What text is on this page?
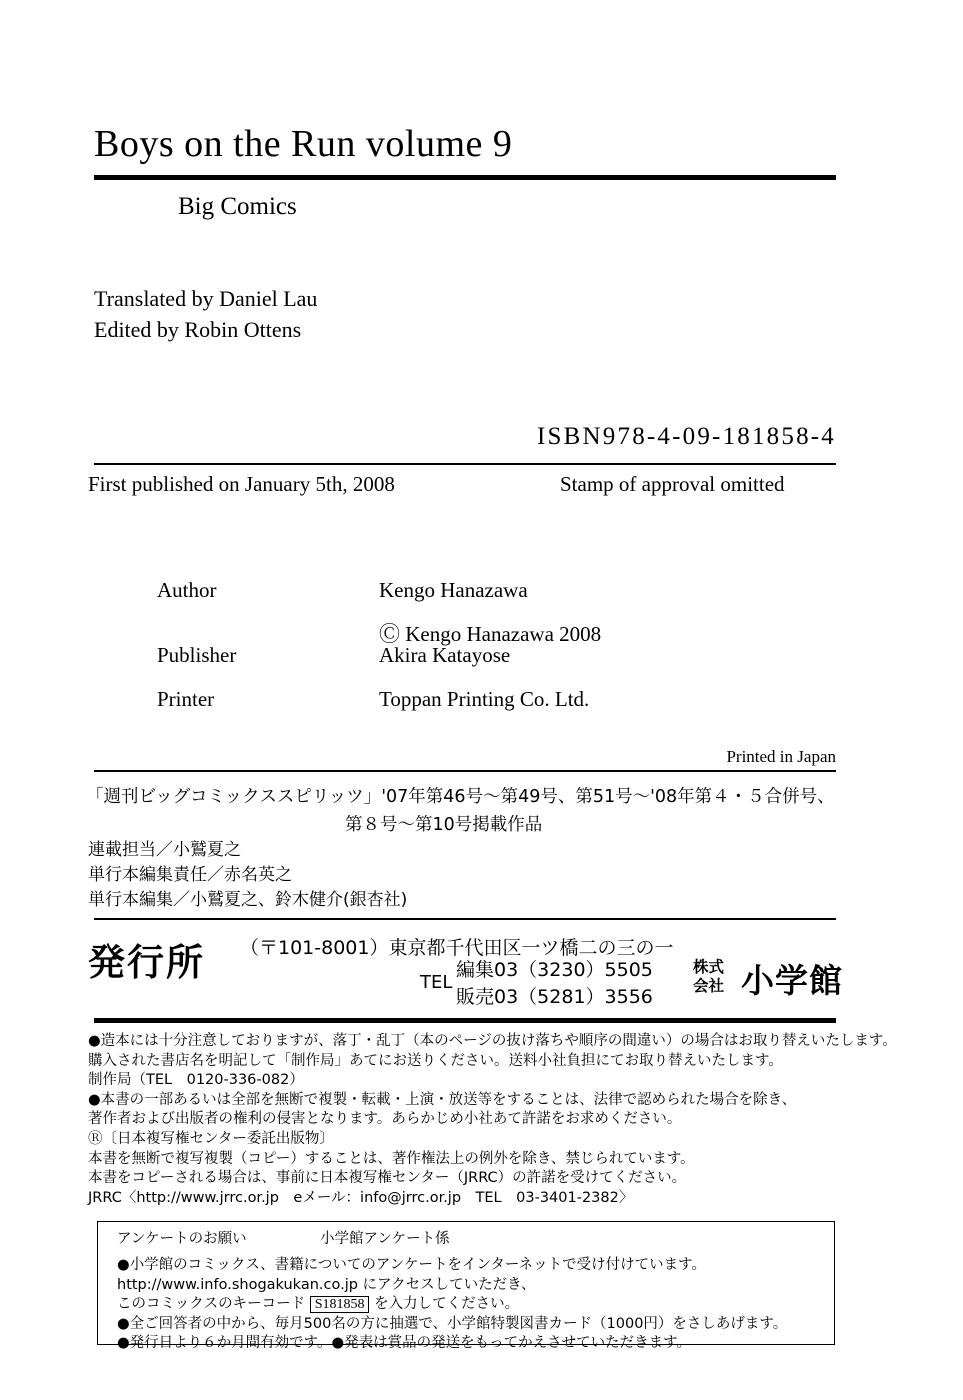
Boys on the Run volume 9
Big Comics
Translated by Daniel Lau
Edited by Robin Ottens
ISBN978-4-09-181858-4
First published on January 5th, 2008	Stamp of approval omitted
Author	Kengo Hanazawa
Publisher	Akira Katayose
Printer	Toppan Printing Co. Ltd.
Ⓒ Kengo Hanazawa 2008
Printed in Japan
「週刊ビッグコミックススピリッツ」'07年第46号～第49号、第51号～'08年第４・５合併号、
第８号～第10号掲載作品
連載担当／小鷲夏之
単行本編集責任／赤名英之
単行本編集／小鷲夏之、鈴木健介(銀杏社)
発行所 （〒101-8001）東京都千代田区一ツ橋二の三の一
TEL
編集03（3230）5505
販売03（5281）3556
株式
会社 小学館
●造本には十分注意しておりますが、落丁・乱丁（本のページの抜け落ちや順序の間違い）の場合はお取り替えいたします。
購入された書店名を明記して「制作局」あてにお送りください。送料小社負担にてお取り替えいたします。
制作局（TEL　0120-336-082）
●本書の一部あるいは全部を無断で複製・転載・上演・放送等をすることは、法律で認められた場合を除き、
著作者および出版者の権利の侵害となります。あらかじめ小社あて許諾をお求めください。
Ⓡ〔日本複写権センター委託出版物〕
本書を無断で複写複製（コピー）することは、著作権法上の例外を除き、禁じられています。
本書をコピーされる場合は、事前に日本複写権センター（JRRC）の許諾を受けてください。
JRRC〈http://www.jrrc.or.jp　eメール：info@jrrc.or.jp　TEL　03-3401-2382〉
アンケートのお願い	小学館アンケート係
●小学館のコミックス、書籍についてのアンケートをインターネットで受け付けています。
http://www.info.shogakukan.co.jp にアクセスしていただき、
このコミックスのキーコード S181858 を入力してください。
●全ご回答者の中から、毎月500名の方に抽選で、小学館特製図書カード（1000円）をさしあげます。
●発行日より６か月間有効です。●発表は賞品の発送をもってかえさせていただきます。
